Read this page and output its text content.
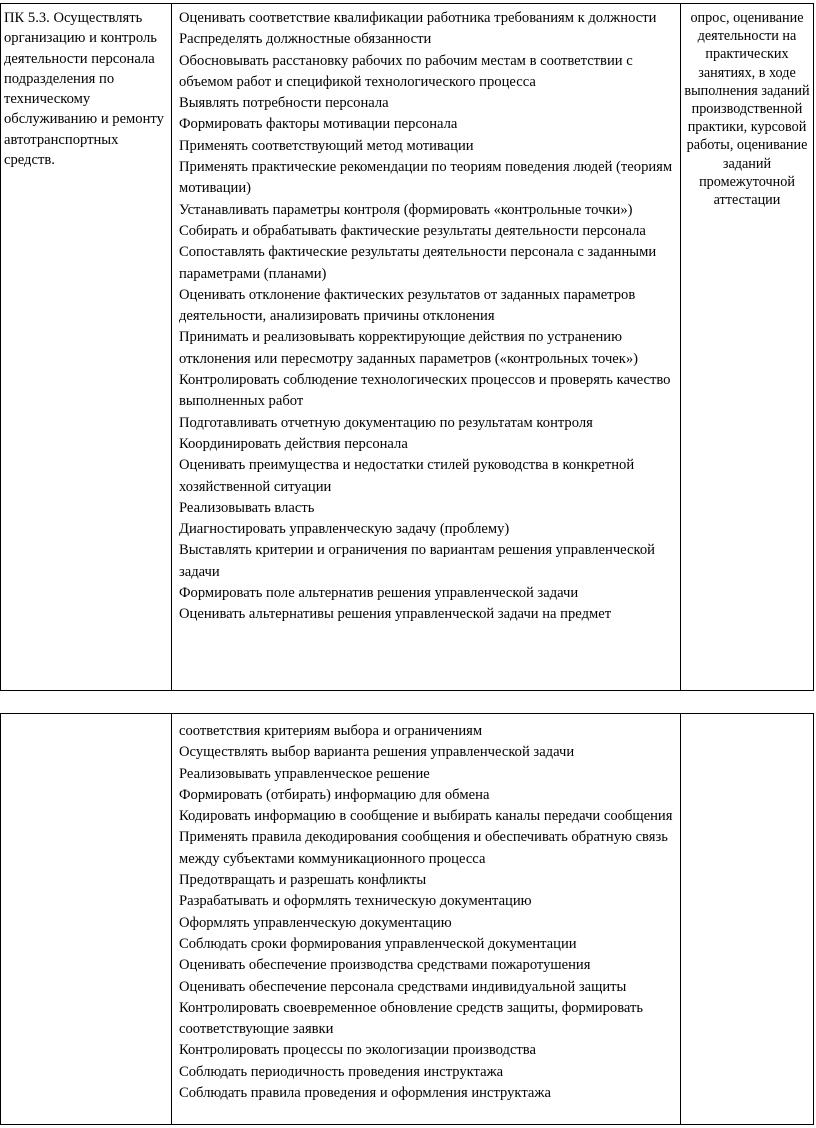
ПК 5.3. Осуществлять организацию и контроль деятельности персонала подразделения по техническому обслуживанию и ремонту автотранспортных средств.
Оценивать соответствие квалификации работника требованиям к должности
Распределять должностные обязанности
Обосновывать расстановку рабочих по рабочим местам в соответствии с объемом работ и спецификой технологического процесса
Выявлять потребности персонала
Формировать факторы мотивации персонала
Применять соответствующий метод мотивации
Применять практические рекомендации по теориям поведения людей (теориям мотивации)
Устанавливать параметры контроля (формировать «контрольные точки»)
Собирать и обрабатывать фактические результаты деятельности персонала
Сопоставлять фактические результаты деятельности персонала с заданными параметрами (планами)
Оценивать отклонение фактических результатов от заданных параметров деятельности, анализировать причины отклонения
Принимать и реализовывать корректирующие действия по устранению отклонения или пересмотру заданных параметров («контрольных точек»)
Контролировать соблюдение технологических процессов и проверять качество выполненных работ
Подготавливать отчетную документацию по результатам контроля
Координировать действия персонала
Оценивать преимущества и недостатки стилей руководства в конкретной хозяйственной ситуации
Реализовывать власть
Диагностировать управленческую задачу (проблему)
Выставлять критерии и ограничения по вариантам решения управленческой задачи
Формировать поле альтернатив решения управленческой задачи
Оценивать альтернативы решения управленческой задачи на предмет
опрос, оценивание деятельности на практических занятиях, в ходе выполнения заданий производственной практики, курсовой работы, оценивание заданий промежуточной аттестации
соответствия критериям выбора и ограничениям
Осуществлять выбор варианта решения управленческой задачи
Реализовывать управленческое решение
Формировать (отбирать) информацию для обмена
Кодировать информацию в сообщение и выбирать каналы передачи сообщения
Применять правила декодирования сообщения и обеспечивать обратную связь между субъектами коммуникационного процесса
Предотвращать и разрешать конфликты
Разрабатывать и оформлять техническую документацию
Оформлять управленческую документацию
Соблюдать сроки формирования управленческой документации
Оценивать обеспечение производства средствами пожаротушения
Оценивать обеспечение персонала средствами индивидуальной защиты
Контролировать своевременное обновление средств защиты, формировать соответствующие заявки
Контролировать процессы по экологизации производства
Соблюдать периодичность проведения инструктажа
Соблюдать правила проведения и оформления инструктажа
